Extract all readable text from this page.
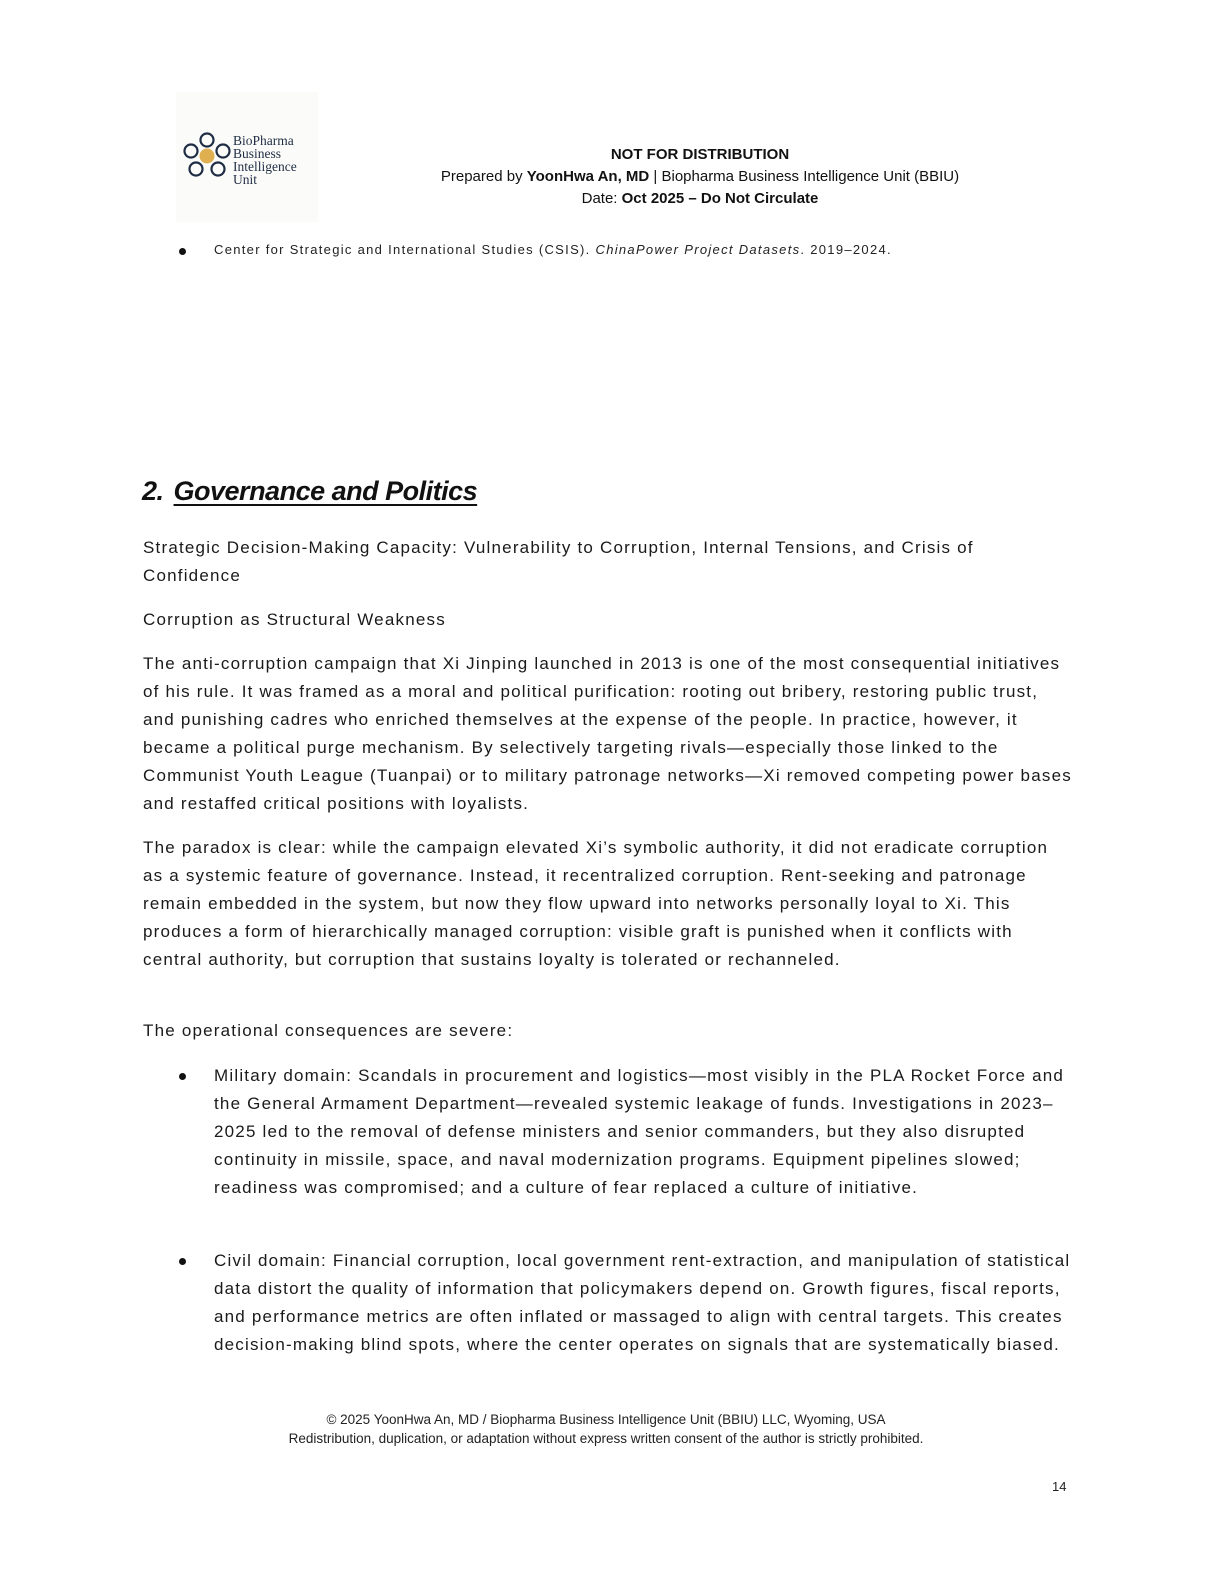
BioPharma
Business
Intelligence
Unit
NOT FOR DISTRIBUTION
Prepared by YoonHwa An, MD | Biopharma Business Intelligence Unit (BBIU)
Date: Oct 2025 – Do Not Circulate
Center for Strategic and International Studies (CSIS). ChinaPower Project Datasets. 2019–2024.
2. Governance and Politics

Strategic Decision-Making Capacity: Vulnerability to Corruption, Internal Tensions, and Crisis of Confidence

Corruption as Structural Weakness

The anti-corruption campaign that Xi Jinping launched in 2013 is one of the most consequential initiatives of his rule. It was framed as a moral and political purification: rooting out bribery, restoring public trust, and punishing cadres who enriched themselves at the expense of the people. In practice, however, it became a political purge mechanism. By selectively targeting rivals—especially those linked to the Communist Youth League (Tuanpai) or to military patronage networks—Xi removed competing power bases and restaffed critical positions with loyalists.

The paradox is clear: while the campaign elevated Xi’s symbolic authority, it did not eradicate corruption as a systemic feature of governance. Instead, it recentralized corruption. Rent-seeking and patronage remain embedded in the system, but now they flow upward into networks personally loyal to Xi. This produces a form of hierarchically managed corruption: visible graft is punished when it conflicts with central authority, but corruption that sustains loyalty is tolerated or rechanneled.

The operational consequences are severe:

Military domain: Scandals in procurement and logistics—most visibly in the PLA Rocket Force and the General Armament Department—revealed systemic leakage of funds. Investigations in 2023–2025 led to the removal of defense ministers and senior commanders, but they also disrupted continuity in missile, space, and naval modernization programs. Equipment pipelines slowed; readiness was compromised; and a culture of fear replaced a culture of initiative.

Civil domain: Financial corruption, local government rent-extraction, and manipulation of statistical data distort the quality of information that policymakers depend on. Growth figures, fiscal reports, and performance metrics are often inflated or massaged to align with central targets. This creates decision-making blind spots, where the center operates on signals that are systematically biased.

© 2025 YoonHwa An, MD / Biopharma Business Intelligence Unit (BBIU) LLC, Wyoming, USA
Redistribution, duplication, or adaptation without express written consent of the author is strictly prohibited.
14
